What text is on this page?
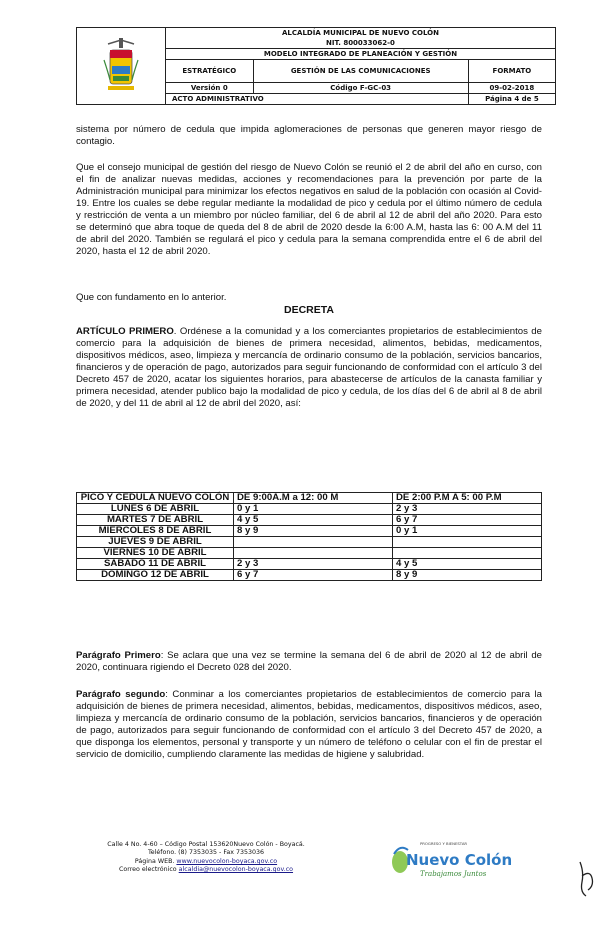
ALCALDÍA MUNICIPAL DE NUEVO COLÓN
NIT. 800033062-0		

	MODELO INTEGRADO DE PLANEACIÓN Y GESTIÓN		
	ESTRATÉGICO	GESTIÓN DE LAS COMUNICACIONES	FORMATO
	Versión 0	Código F-GC-03	09-02-2018
	ACTO ADMINISTRATIVO		Página 4 de 5

sistema por número de cedula que impida aglomeraciones de personas que generen mayor riesgo de contagio.

Que el consejo municipal de gestión del riesgo de Nuevo Colón se reunió el 2 de abril del año en curso, con el fin de analizar nuevas medidas, acciones y recomendaciones para la prevención por parte de la Administración municipal para minimizar los efectos negativos en salud de la población con ocasión al Covid-19. Entre los cuales se debe regular mediante la modalidad de pico y cedula por el último número de cedula y restricción de venta a un miembro por núcleo familiar, del 6 de abril al 12 de abril del año 2020. Para esto se determinó que abra toque de queda del 8 de abril de 2020 desde la 6:00 A.M, hasta las 6: 00 A.M del 11 de abril del 2020. También se regulará el pico y cedula para la semana comprendida entre el 6 de abril del 2020, hasta el 12 de abril 2020.

Que con fundamento en lo anterior.

DECRETA

ARTÍCULO PRIMERO. Ordénese a la comunidad y a los comerciantes propietarios de establecimientos de comercio para la adquisición de bienes de primera necesidad, alimentos, bebidas, medicamentos, dispositivos médicos, aseo, limpieza y mercancía de ordinario consumo de la población, servicios bancarios, financieros y de operación de pago, autorizados para seguir funcionando de conformidad con el artículo 3 del Decreto 457 de 2020, acatar los siguientes horarios, para abastecerse de artículos de la canasta familiar y primera necesidad, atender publico bajo la modalidad de pico y cedula, de los días del 6 de abril al 8 de abril de 2020, y del 11 de abril al 12 de abril del 2020, así:

PICO Y CEDULA NUEVO COLÓN	DE 9:00A.M a 12: 00 M	DE 2:00 P.M A 5: 00 P.M
LUNES 6 DE ABRIL	0 y 1	2 y 3
MARTES 7 DE ABRIL	4 y 5	6 y 7
MIERCOLES 8 DE ABRIL	8 y 9	0 y 1
JUEVES 9 DE ABRIL		
VIERNES 10 DE ABRIL		
SABADO 11 DE ABRIL	2 y 3	4 y 5
DOMINGO 12 DE ABRIL	6 y 7	8 y 9

Parágrafo Primero: Se aclara que una vez se termine la semana del 6 de abril de 2020 al 12 de abril de 2020, continuara rigiendo el Decreto 028 del 2020.

Parágrafo segundo: Conminar a los comerciantes propietarios de establecimientos de comercio para la adquisición de bienes de primera necesidad, alimentos, bebidas, medicamentos, dispositivos médicos, aseo, limpieza y mercancía de ordinario consumo de la población, servicios bancarios, financieros y de operación de pago, autorizados para seguir funcionando de conformidad con el artículo 3 del Decreto 457 de 2020, a que disponga los elementos, personal y transporte y un número de teléfono o celular con el fin de prestar el servicio de domicilio, cumpliendo claramente las medidas de higiene y salubridad.

Calle 4 No. 4-60 – Código Postal 153620Nuevo Colón - Boyacá.
Teléfono. (8) 7353035 - Fax 7353036
Página WEB. www.nuevocolon-boyaca.gov.co
Correo electrónico alcaldia@nuevocolon-boyaca.gov.co
PROGRESO Y BIENESTAR
Nuevo Colón
Trabajamos Juntos
